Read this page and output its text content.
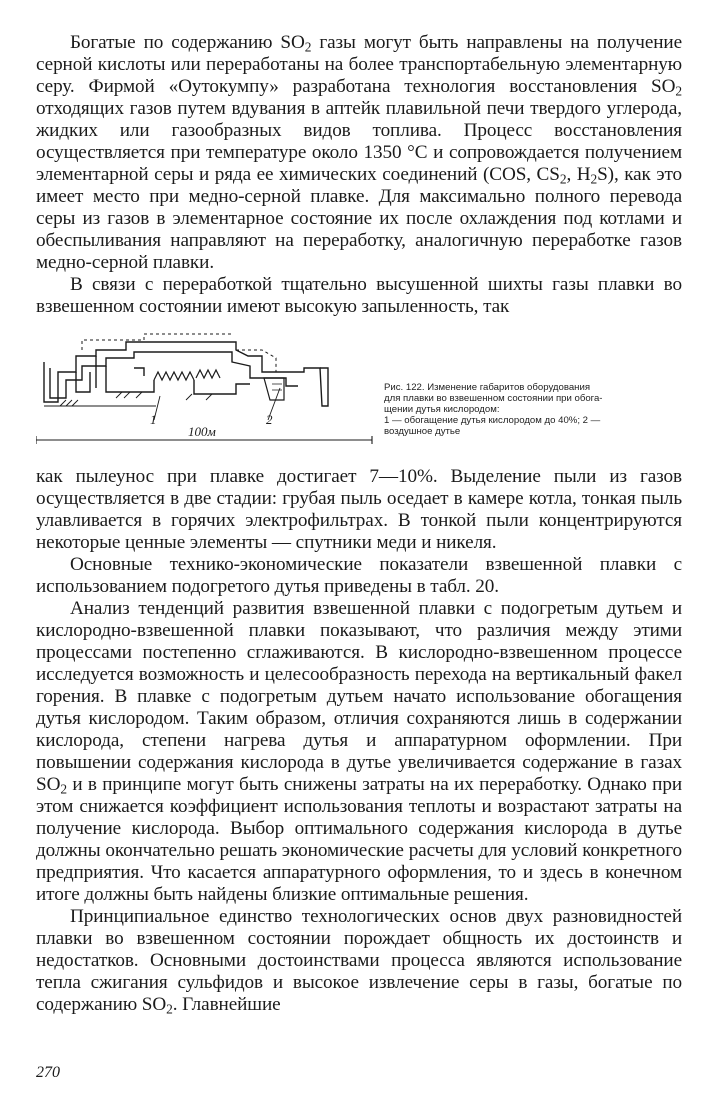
Богатые по содержанию $SO_2$ газы могут быть направлены на получение серной кислоты или переработаны на более транспортабельную элементарную серу. Фирмой «Оутокумпу» разработана технология восстановления $SO_2$ отходящих газов путем вдувания в аптейк плавильной печи твердого углерода, жидких или газообразных видов топлива. Процесс восстановления осуществляется при температуре около 1350 °C и сопровождается получением элементарной серы и ряда ее химических соединений (COS, $CS_2$, $H_2S$), как это имеет место при медно-серной плавке. Для максимально полного перевода серы из газов в элементарное состояние их после охлаждения под котлами и обеспыливания направляют на переработку, аналогичную переработке газов медно-серной плавки.

В связи с переработкой тщательно высушенной шихты газы плавки во взвешенном состоянии имеют высокую запыленность, так

1	2
100м
Рис. 122. Изменение габаритов оборудования
для плавки во взвешенном состоянии при обога-
щении дутья кислородом:
1 — обогащение дутья кислородом до 40%; 2 —
воздушное дутье

как пылеунос при плавке достигает 7—10%. Выделение пыли из газов осуществляется в две стадии: грубая пыль оседает в камере котла, тонкая пыль улавливается в горячих электрофильтрах. В тонкой пыли концентрируются некоторые ценные элементы — спутники меди и никеля.

Основные технико-экономические показатели взвешенной плавки с использованием подогретого дутья приведены в табл. 20.

Анализ тенденций развития взвешенной плавки с подогретым дутьем и кислородно-взвешенной плавки показывают, что различия между этими процессами постепенно сглаживаются. В кислородно-взвешенном процессе исследуется возможность и целесообразность перехода на вертикальный факел горения. В плавке с подогретым дутьем начато использование обогащения дутья кислородом. Таким образом, отличия сохраняются лишь в содержании кислорода, степени нагрева дутья и аппаратурном оформлении. При повышении содержания кислорода в дутье увеличивается содержание в газах $SO_2$ и в принципе могут быть снижены затраты на их переработку. Однако при этом снижается коэффициент использования теплоты и возрастают затраты на получение кислорода. Выбор оптимального содержания кислорода в дутье должны окончательно решать экономические расчеты для условий конкретного предприятия. Что касается аппаратурного оформления, то и здесь в конечном итоге должны быть найдены близкие оптимальные решения.

Принципиальное единство технологических основ двух разновидностей плавки во взвешенном состоянии порождает общность их достоинств и недостатков. Основными достоинствами процесса являются использование тепла сжигания сульфидов и высокое извлечение серы в газы, богатые по содержанию $SO_2$. Главнейшие

270
